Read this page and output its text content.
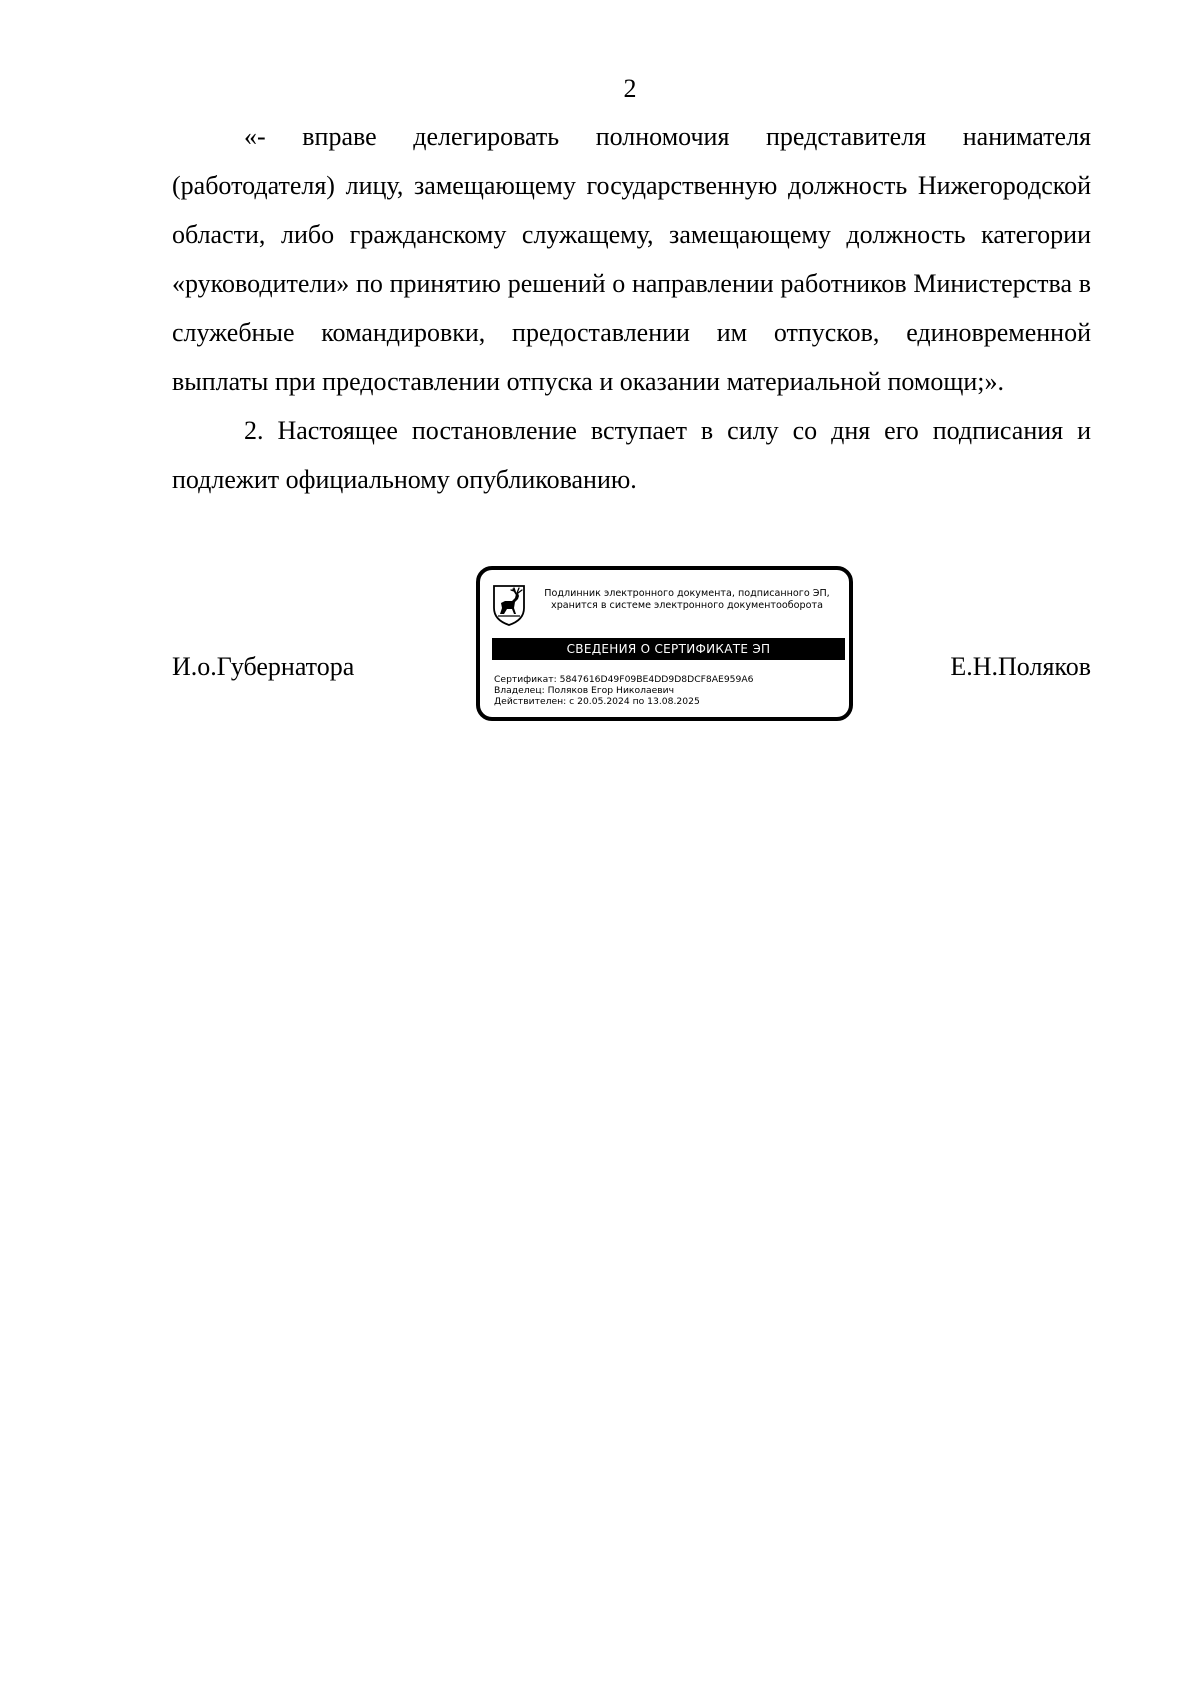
2

«- вправе делегировать полномочия представителя нанимателя (работодателя) лицу, замещающему государственную должность Нижегородской области, либо гражданскому служащему, замещающему должность категории «руководители» по принятию решений о направлении работников Министерства в служебные командировки, предоставлении им отпусков, единовременной выплаты при предоставлении отпуска и оказании материальной помощи;».

2. Настоящее постановление вступает в силу со дня его подписания и подлежит официальному опубликованию.

И.о.Губернатора
Подлинник электронного документа, подписанного ЭП,
хранится в системе электронного документооборота
СВЕДЕНИЯ О СЕРТИФИКАТЕ ЭП
Сертификат: 5847616D49F09BE4DD9D8DCF8AE959A6
Владелец: Поляков Егор Николаевич
Действителен: с 20.05.2024 по 13.08.2025
Е.Н.Поляков
